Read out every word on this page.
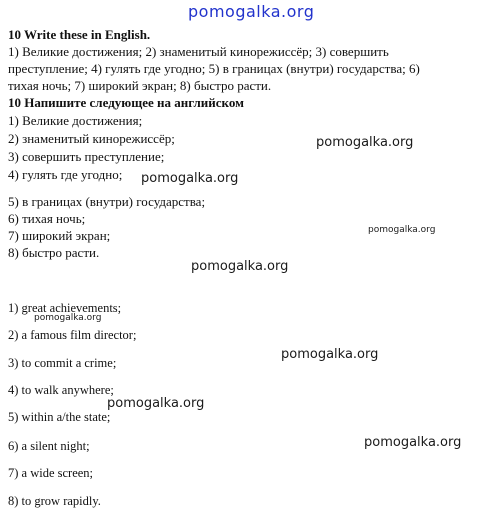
pomogalka.org
10 Write these in English.
1) Великие достижения; 2) знаменитый кинорежиссёр; 3) совершить
преступление; 4) гулять где угодно; 5) в границах (внутри) государства; 6)
тихая ночь; 7) широкий экран; 8) быстро расти.
10 Напишите следующее на английском
1) Великие достижения;
2) знаменитый кинорежиссёр;
3) совершить преступление;
4) гулять где угодно;
5) в границах (внутри) государства;
6) тихая ночь;
7) широкий экран;
8) быстро расти.
1) great achievements;
2) a famous film director;
3) to commit a crime;
4) to walk anywhere;
5) within a/the state;
6) a silent night;
7) a wide screen;
8) to grow rapidly.
pomogalka.org
pomogalka.org
pomogalka.org
pomogalka.org
pomogalka.org
pomogalka.org
pomogalka.org
pomogalka.org
